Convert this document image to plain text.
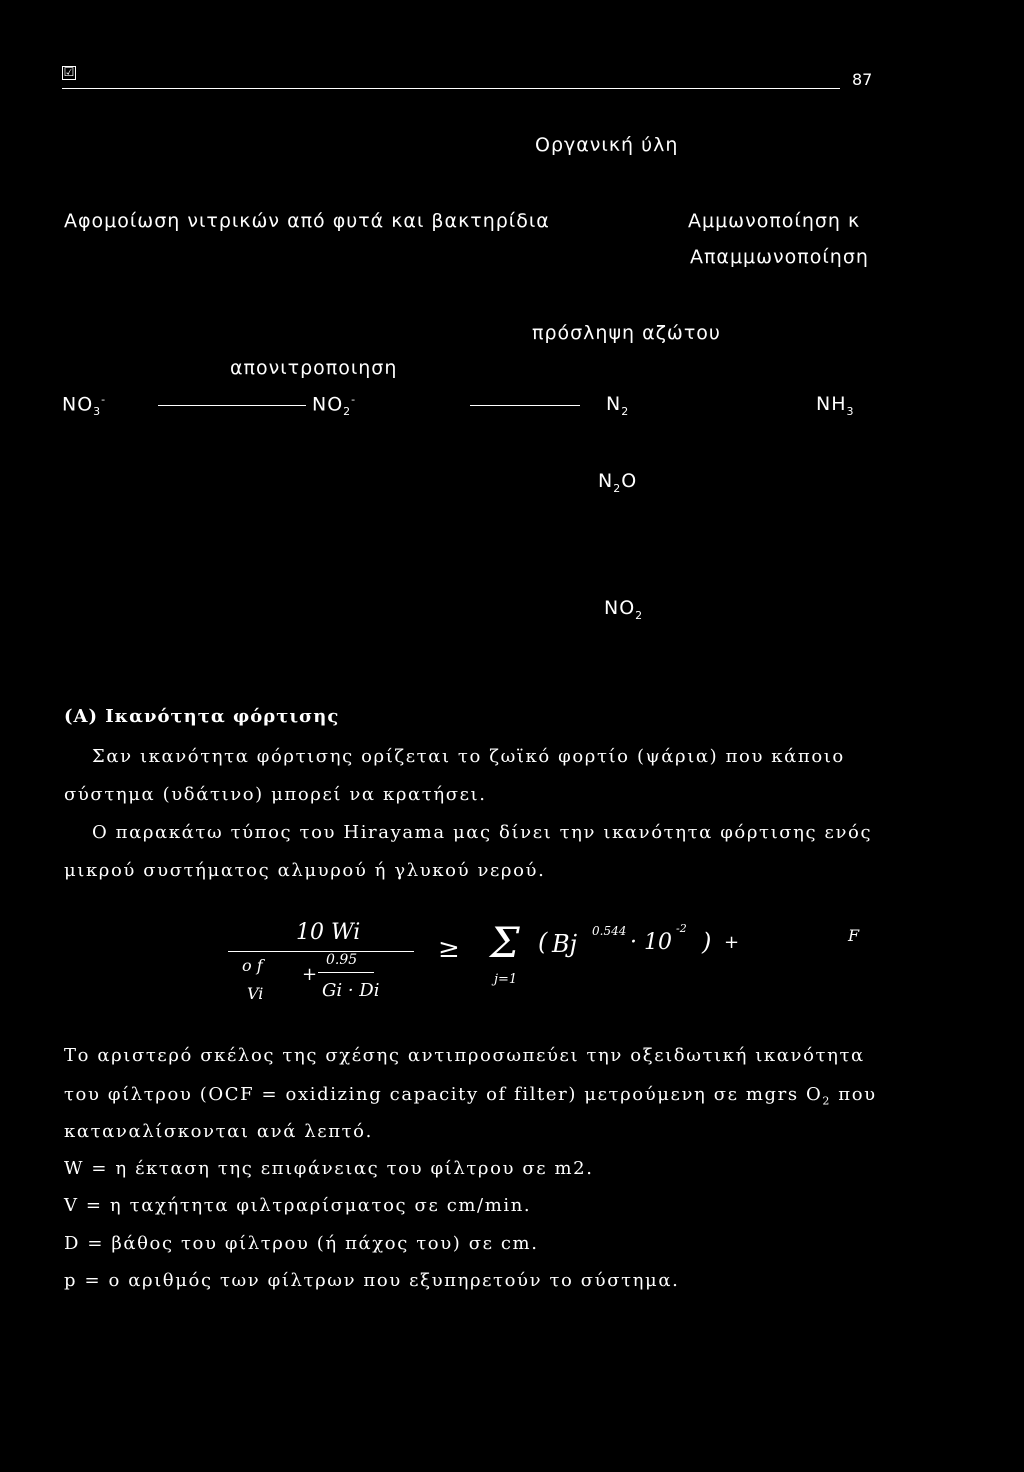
☑	87
Οργανική ύλη
Αφομοίωση νιτρικών από φυτά και βακτηρίδια	Αμμωνοποίηση κ
Απαμμωνοποίηση
πρόσληψη αζώτου
απονιτροποιηση
$NO_3^-$	$NO_2^-$	$N_2$	$NH_3$
$N_2O$
$NO_2$
(Α) Ικανότητα φόρτισης
Σαν ικανότητα φόρτισης ορίζεται το ζωϊκό φορτίο (ψάρια) που κάποιο
σύστημα (υδάτινο) μπορεί να κρατήσει.
Ο παρακάτω τύπος του Hirayama μας δίνει την ικανότητα φόρτισης ενός
μικρού συστήματος αλμυρού ή γλυκού νερού.
10 Wi
o f
Vi
+
0.95
Gi · Di
≥ Σ
j=1
( Bj 0.544 · 10
-2 ) +	F
Το αριστερό σκέλος της σχέσης αντιπροσωπεύει την οξειδωτική ικανότητα
του φίλτρου (OCF = oxidizing capacity of filter) μετρούμενη σε mgrs $O_2$ που
καταναλίσκονται ανά λεπτό.
W = η έκταση της επιφάνειας του φίλτρου σε m2.
V = η ταχήτητα φιλτραρίσματος σε cm/min.
D = βάθος του φίλτρου (ή πάχος του) σε cm.
p = ο αριθμός των φίλτρων που εξυπηρετούν το σύστημα.
